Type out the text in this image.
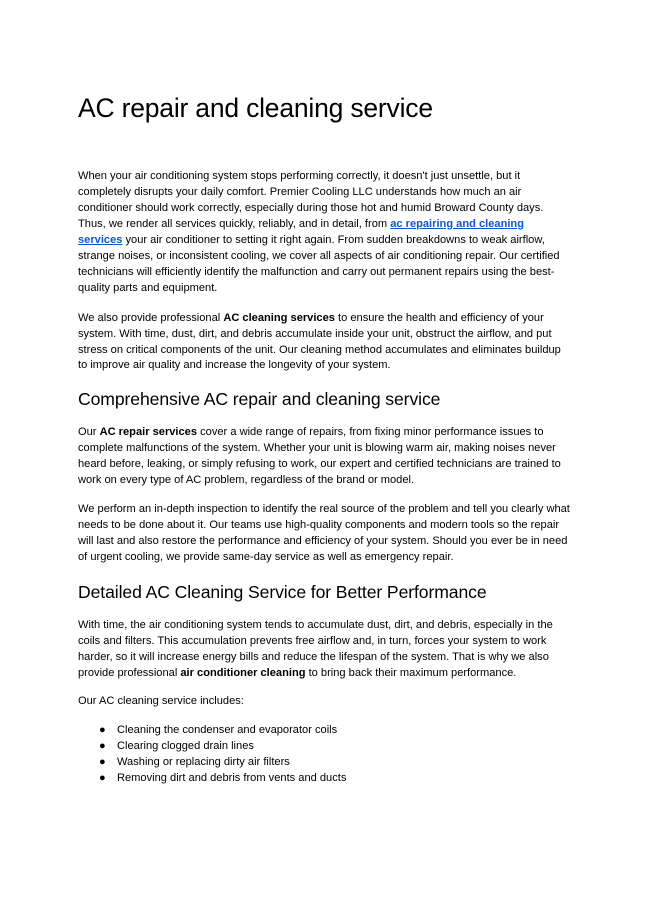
AC repair and cleaning service

When your air conditioning system stops performing correctly, it doesn't just unsettle, but it completely disrupts your daily comfort. Premier Cooling LLC understands how much an air conditioner should work correctly, especially during those hot and humid Broward County days. Thus, we render all services quickly, reliably, and in detail, from ac repairing and cleaning services your air conditioner to setting it right again. From sudden breakdowns to weak airflow, strange noises, or inconsistent cooling, we cover all aspects of air conditioning repair. Our certified technicians will efficiently identify the malfunction and carry out permanent repairs using the best-quality parts and equipment.

We also provide professional AC cleaning services to ensure the health and efficiency of your system. With time, dust, dirt, and debris accumulate inside your unit, obstruct the airflow, and put stress on critical components of the unit. Our cleaning method accumulates and eliminates buildup to improve air quality and increase the longevity of your system.

Comprehensive AC repair and cleaning service

Our AC repair services cover a wide range of repairs, from fixing minor performance issues to complete malfunctions of the system. Whether your unit is blowing warm air, making noises never heard before, leaking, or simply refusing to work, our expert and certified technicians are trained to work on every type of AC problem, regardless of the brand or model.

We perform an in-depth inspection to identify the real source of the problem and tell you clearly what needs to be done about it. Our teams use high-quality components and modern tools so the repair will last and also restore the performance and efficiency of your system. Should you ever be in need of urgent cooling, we provide same-day service as well as emergency repair.

Detailed AC Cleaning Service for Better Performance

With time, the air conditioning system tends to accumulate dust, dirt, and debris, especially in the coils and filters. This accumulation prevents free airflow and, in turn, forces your system to work harder, so it will increase energy bills and reduce the lifespan of the system. That is why we also provide professional air conditioner cleaning to bring back their maximum performance.

Our AC cleaning service includes:

● Cleaning the condenser and evaporator coils
● Clearing clogged drain lines
● Washing or replacing dirty air filters
● Removing dirt and debris from vents and ducts
